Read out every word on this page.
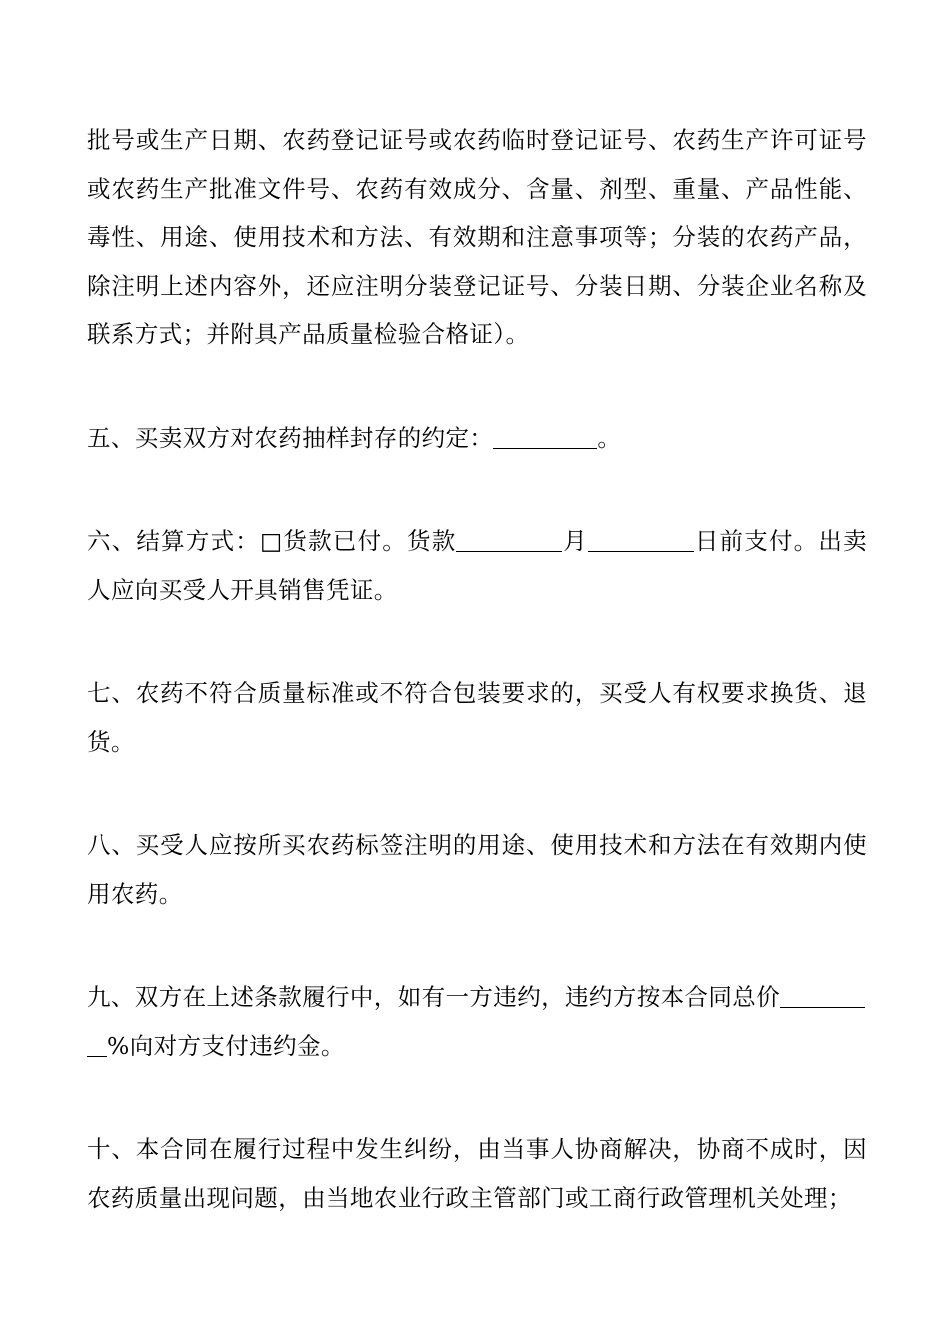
批号或生产日期、农药登记证号或农药临时登记证号、农药生产许可证号或农药生产批准文件号、农药有效成分、含量、剂型、重量、产品性能、毒性、用途、使用技术和方法、有效期和注意事项等；分装的农药产品，除注明上述内容外，还应注明分装登记证号、分装日期、分装企业名称及联系方式；并附具产品质量检验合格证）。

五、买卖双方对农药抽样封存的约定：	。

六、结算方式：□货款已付。货款	月	日前支付。出卖人应向买受人开具销售凭证。

七、农药不符合质量标准或不符合包装要求的，买受人有权要求换货、退货。

八、买受人应按所买农药标签注明的用途、使用技术和方法在有效期内使用农药。

九、双方在上述条款履行中，如有一方违约，违约方按本合同总价
%向对方支付违约金。

十、本合同在履行过程中发生纠纷，由当事人协商解决，协商不成时，因农药质量出现问题，由当地农业行政主管部门或工商行政管理机关处理；
